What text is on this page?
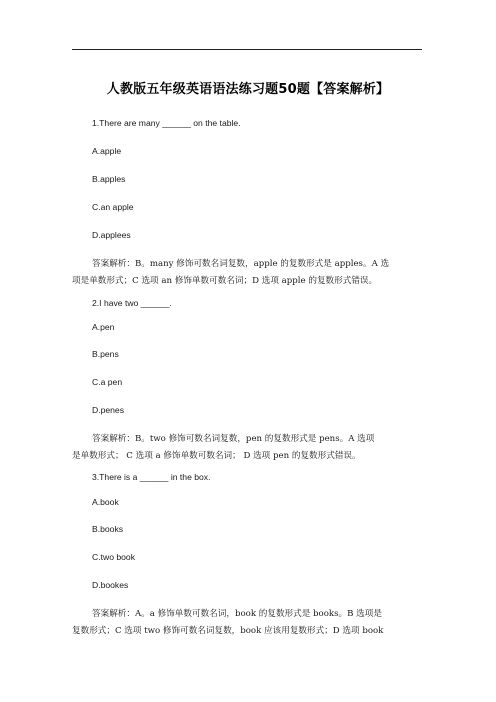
人教版五年级英语语法练习题50题【答案解析】
1.There are many ______ on the table.
A.apple
B.apples
C.an apple
D.applees
答案解析：B。many 修饰可数名词复数，apple 的复数形式是 apples。A 选
项是单数形式；C 选项 an 修饰单数可数名词；D 选项 apple 的复数形式错误。
2.I have two ______.
A.pen
B.pens
C.a pen
D.penes
答案解析：B。two 修饰可数名词复数，pen 的复数形式是 pens。A 选项
是单数形式； C 选项 a 修饰单数可数名词； D 选项 pen 的复数形式错误。
3.There is a ______ in the box.
A.book
B.books
C.two book
D.bookes
答案解析：A。a 修饰单数可数名词，book 的复数形式是 books。B 选项是
复数形式；C 选项 two 修饰可数名词复数，book 应该用复数形式；D 选项 book
